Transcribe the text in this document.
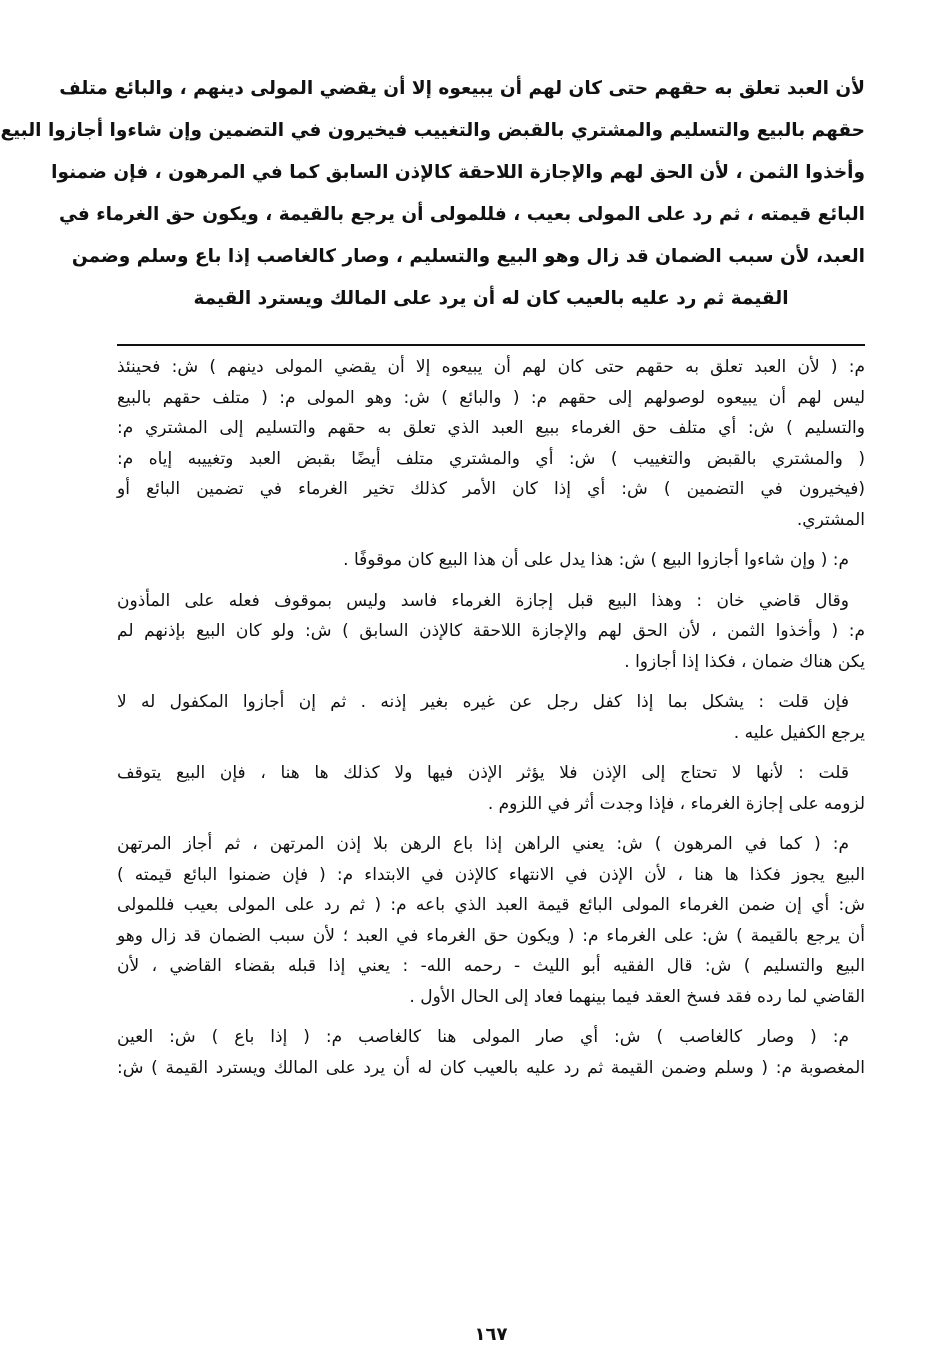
لأن العبد تعلق به حقهم حتى كان لهم أن يبيعوه إلا أن يقضي المولى دينهم ، والبائع متلف
حقهم بالبيع والتسليم والمشتري بالقبض والتغييب فيخيرون في التضمين وإن شاءوا أجازوا البيع
وأخذوا الثمن ، لأن الحق لهم والإجازة اللاحقة كالإذن السابق كما في المرهون ، فإن ضمنوا
البائع قيمته ، ثم رد على المولى بعيب ، فللمولى أن يرجع بالقيمة ، ويكون حق الغرماء في
العبد، لأن سبب الضمان قد زال وهو البيع والتسليم ، وصار كالغاصب إذا باع وسلم وضمن
القيمة ثم رد عليه بالعيب كان له أن يرد على المالك ويسترد القيمة
م: ( لأن العبد تعلق به حقهم حتى كان لهم أن يبيعوه إلا أن يقضي المولى دينهم ) ش: فحينئذ
ليس لهم أن يبيعوه لوصولهم إلى حقهم م: ( والبائع ) ش: وهو المولى م: ( متلف حقهم بالبيع
والتسليم ) ش: أي متلف حق الغرماء ببيع العبد الذي تعلق به حقهم والتسليم إلى المشتري م:
( والمشتري بالقبض والتغييب ) ش: أي والمشتري متلف أيضًا بقبض العبد وتغييبه إياه م:
(فيخيرون في التضمين ) ش: أي إذا كان الأمر كذلك تخير الغرماء في تضمين البائع أو
المشتري.
م: ( وإن شاءوا أجازوا البيع ) ش: هذا يدل على أن هذا البيع كان موقوفًا .
وقال قاضي خان : وهذا البيع قبل إجازة الغرماء فاسد وليس بموقوف فعله على المأذون
م: ( وأخذوا الثمن ، لأن الحق لهم والإجازة اللاحقة كالإذن السابق ) ش: ولو كان البيع بإذنهم لم
يكن هناك ضمان ، فكذا إذا أجازوا .
فإن قلت : يشكل بما إذا كفل رجل عن غيره بغير إذنه . ثم إن أجازوا المكفول له لا
يرجع الكفيل عليه .
قلت : لأنها لا تحتاج إلى الإذن فلا يؤثر الإذن فيها ولا كذلك ها هنا ، فإن البيع يتوقف
لزومه على إجازة الغرماء ، فإذا وجدت أثر في اللزوم .
م: ( كما في المرهون ) ش: يعني الراهن إذا باع الرهن بلا إذن المرتهن ، ثم أجاز المرتهن
البيع يجوز فكذا ها هنا ، لأن الإذن في الانتهاء كالإذن في الابتداء م: ( فإن ضمنوا البائع قيمته )
ش: أي إن ضمن الغرماء المولى البائع قيمة العبد الذي باعه م: ( ثم رد على المولى بعيب فللمولى
أن يرجع بالقيمة ) ش: على الغرماء م: ( ويكون حق الغرماء في العبد ؛ لأن سبب الضمان قد زال وهو
البيع والتسليم ) ش: قال الفقيه أبو الليث - رحمه الله- : يعني إذا قبله بقضاء القاضي ، لأن
القاضي لما رده فقد فسخ العقد فيما بينهما فعاد إلى الحال الأول .
م: ( وصار كالغاصب ) ش: أي صار المولى هنا كالغاصب م: ( إذا باع ) ش: العين
المغصوبة م: ( وسلم وضمن القيمة ثم رد عليه بالعيب كان له أن يرد على المالك ويسترد القيمة ) ش:
١٦٧
